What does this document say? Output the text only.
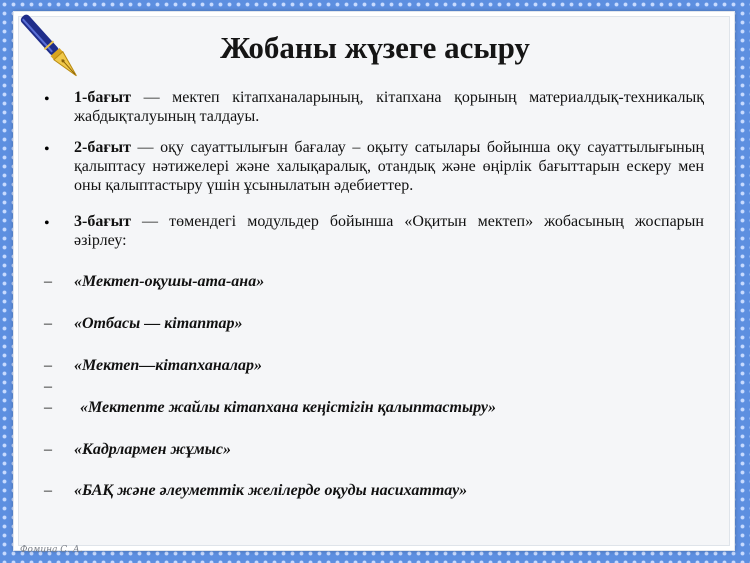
Жобаны жүзеге асыру
• 1-бағыт — мектеп кітапханаларының, кітапхана қорының материалдық-техникалық жабдықталуының талдауы.
• 2-бағыт — оқу сауаттылығын бағалау – оқыту сатылары бойынша оқу сауаттылығының қалыптасу нәтижелері және халықаралық, отандық және өңірлік бағыттарын ескеру мен оны қалыптастыру үшін ұсынылатын әдебиеттер.
• 3-бағыт — төмендегі модульдер бойынша «Оқитын мектеп» жобасының жоспарын әзірлеу:
– «Мектеп-оқушы-ата-ана»
– «Отбасы — кітаптар»
– «Мектеп—кітапханалар»
–
– «Мектепте жайлы кітапхана кеңістігін қалыптастыру»
– «Кадрлармен жұмыс»
– «БАҚ және әлеуметтік желілерде оқуды насихаттау»
Фомина С. А.
